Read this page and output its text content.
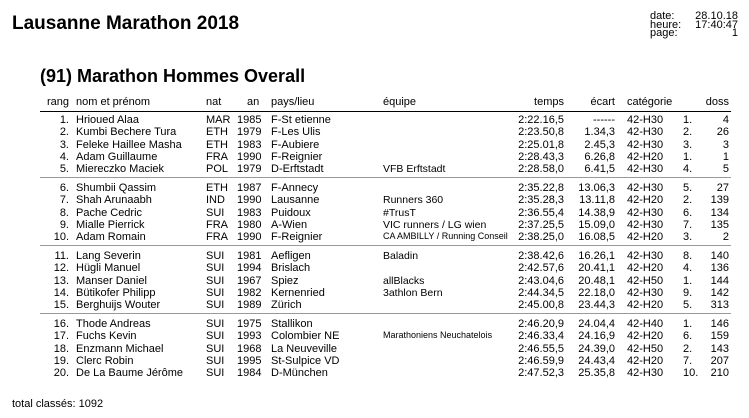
Lausanne Marathon 2018	date: 28.10.18
heure: 17:40:47
page:	1
(91) Marathon Hommes Overall
rang nom et prénom	nat an pays/lieu	équipe	temps écart catégorie	doss
1. Hrioued Alaa	MAR 1985 F-St etienne	2:22.16,5	------ 42-H30 1.	4
2. Kumbi Bechere Tura	ETH 1979 F-Les Ulis	2:23.50,8 1.34,3 42-H30 2. 26
3. Feleke Haillee Masha ETH 1983 F-Aubiere	2:25.01,8 2.45,3 42-H30 3.	3
4. Adam Guillaume	FRA 1990 F-Reignier	2:28.43,3 6.26,8 42-H20 1.	1
5. Miereczko Maciek	POL 1979 D-Erftstadt	VFB Erftstadt	2:28.58,0 6.41,5 42-H30 4.	5
6. Shumbii Qassim	ETH 1987 F-Annecy	2:35.22,8 13.06,3 42-H30 5. 27
7. Shah Arunaabh	IND 1990 Lausanne	Runners 360	2:35.28,3 13.11,8 42-H20 2. 139
8. Pache Cedric	SUI 1983 Puidoux	#TrusT	2:36.55,4 14.38,9 42-H30 6. 134
9. Mialle Pierrick	FRA 1980 A-Wien	VIC runners / LG wien	2:37.25,5 15.09,0 42-H30 7. 135
10. Adam Romain	FRA 1990 F-Reignier	CA AMBILLY / Running Conseil 2:38.25,0 16.08,5 42-H20 3.	2
11. Lang Severin	SUI 1981 Aefligen	Baladin	2:38.42,6 16.26,1 42-H30 8. 140
12. Hügli Manuel	SUI 1994 Brislach	2:42.57,6 20.41,1 42-H20 4. 136
13. Manser Daniel	SUI 1967 Spiez	allBlacks	2:43.04,6 20.48,1 42-H50 1. 144
14. Bütikofer Philipp	SUI 1982 Kernenried	3athlon Bern	2:44.34,5 22.18,0 42-H30 9. 142
15. Berghuijs Wouter	SUI 1989 Zürich	2:45.00,8 23.44,3 42-H20 5. 313
16. Thode Andreas	SUI 1975 Stallikon	2:46.20,9 24.04,4 42-H40 1. 146
17. Fuchs Kevin	SUI 1993 Colombier NE	Marathoniens Neuchatelois 2:46.33,4 24.16,9 42-H20 6. 159
18. Enzmann Michael	SUI 1968 La Neuveville	2:46.55,5 24.39,0 42-H50 2. 143
19. Clerc Robin	SUI 1995 St-Sulpice VD	2:46.59,9 24.43,4 42-H20 7. 207
20. De La Baume Jérôme SUI 1984 D-München	2:47.52,3 25.35,8 42-H30 10. 210
total classés: 1092
